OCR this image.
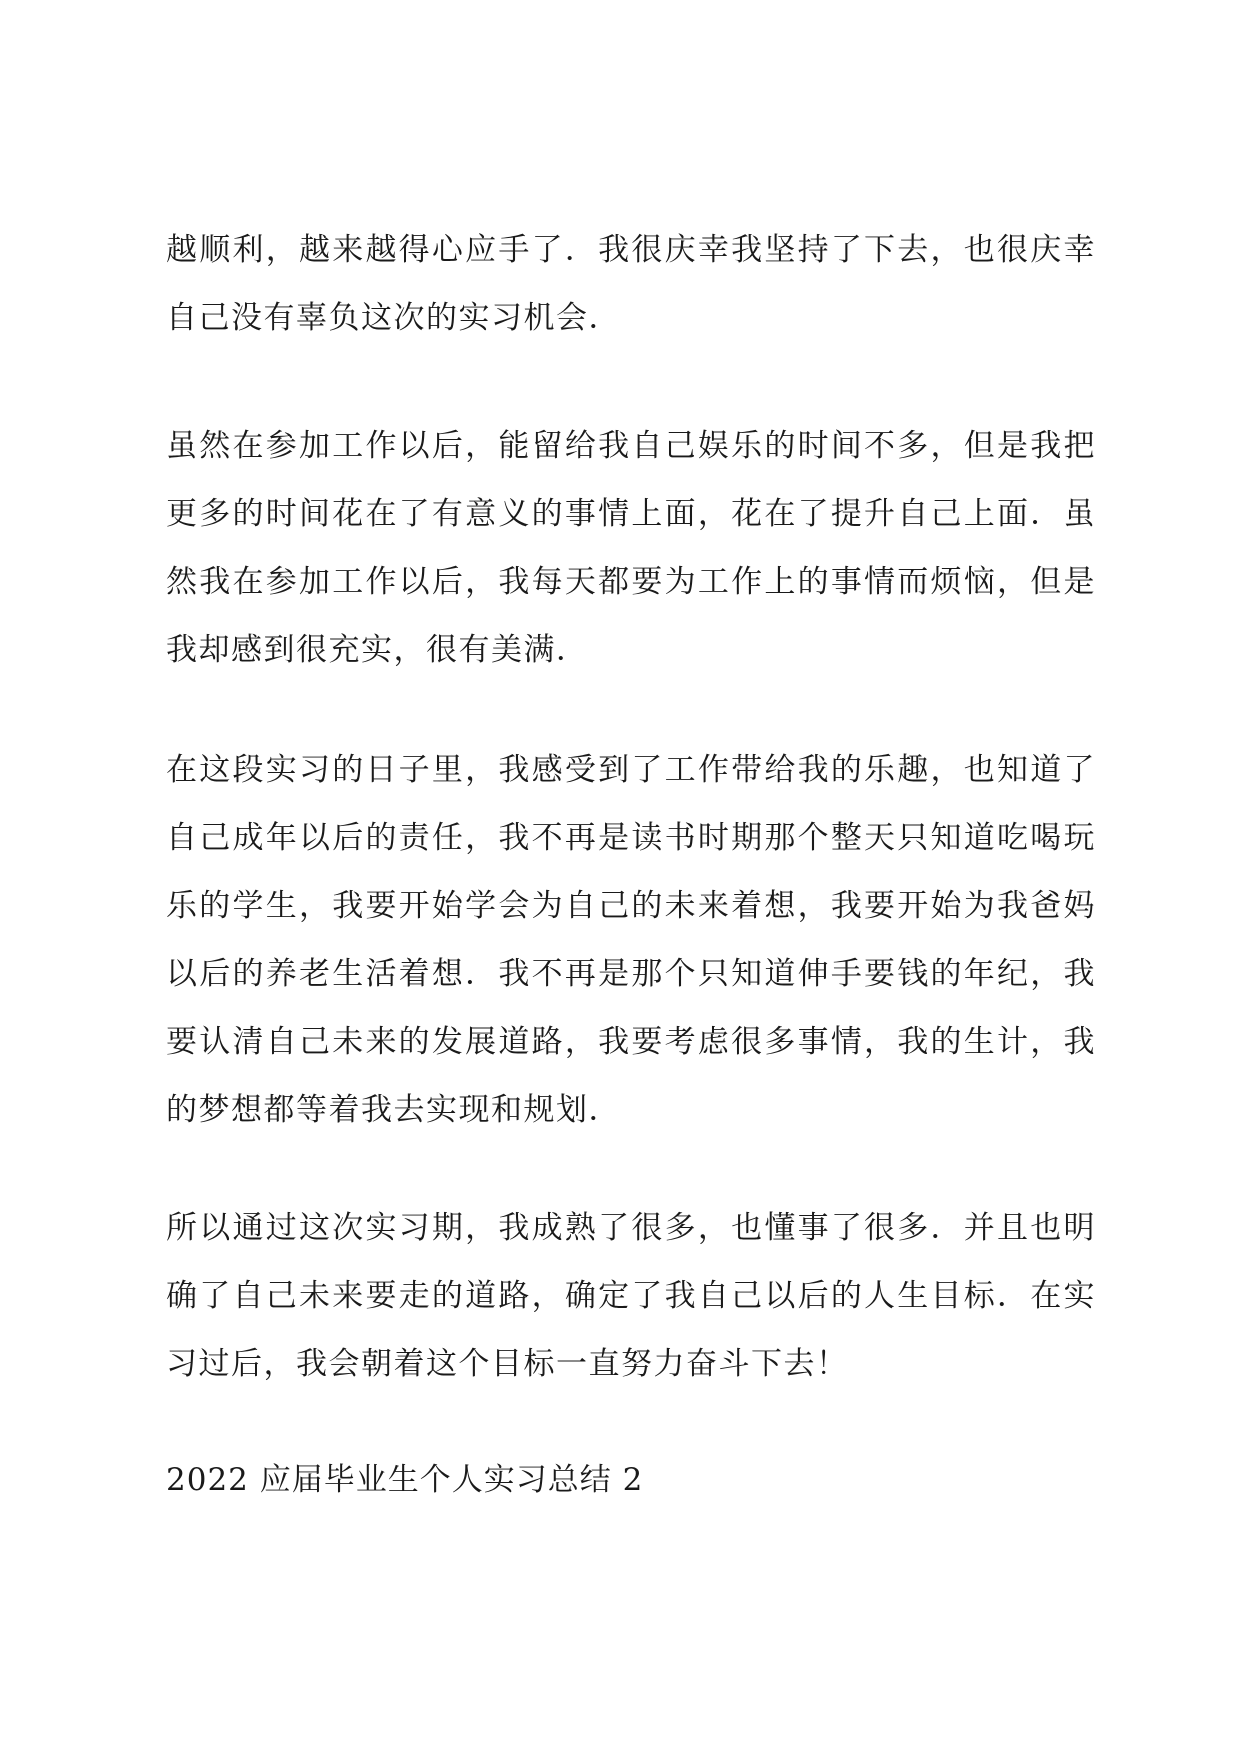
越顺利，越来越得心应手了．我很庆幸我坚持了下去，也很庆幸自己没有辜负这次的实习机会．

虽然在参加工作以后，能留给我自己娱乐的时间不多，但是我把更多的时间花在了有意义的事情上面，花在了提升自己上面．虽然我在参加工作以后，我每天都要为工作上的事情而烦恼，但是我却感到很充实，很有美满．

在这段实习的日子里，我感受到了工作带给我的乐趣，也知道了自己成年以后的责任，我不再是读书时期那个整天只知道吃喝玩乐的学生，我要开始学会为自己的未来着想，我要开始为我爸妈以后的养老生活着想．我不再是那个只知道伸手要钱的年纪，我要认清自己未来的发展道路，我要考虑很多事情，我的生计，我的梦想都等着我去实现和规划．

所以通过这次实习期，我成熟了很多，也懂事了很多．并且也明确了自己未来要走的道路，确定了我自己以后的人生目标．在实习过后，我会朝着这个目标一直努力奋斗下去！

2022 应届毕业生个人实习总结 2
